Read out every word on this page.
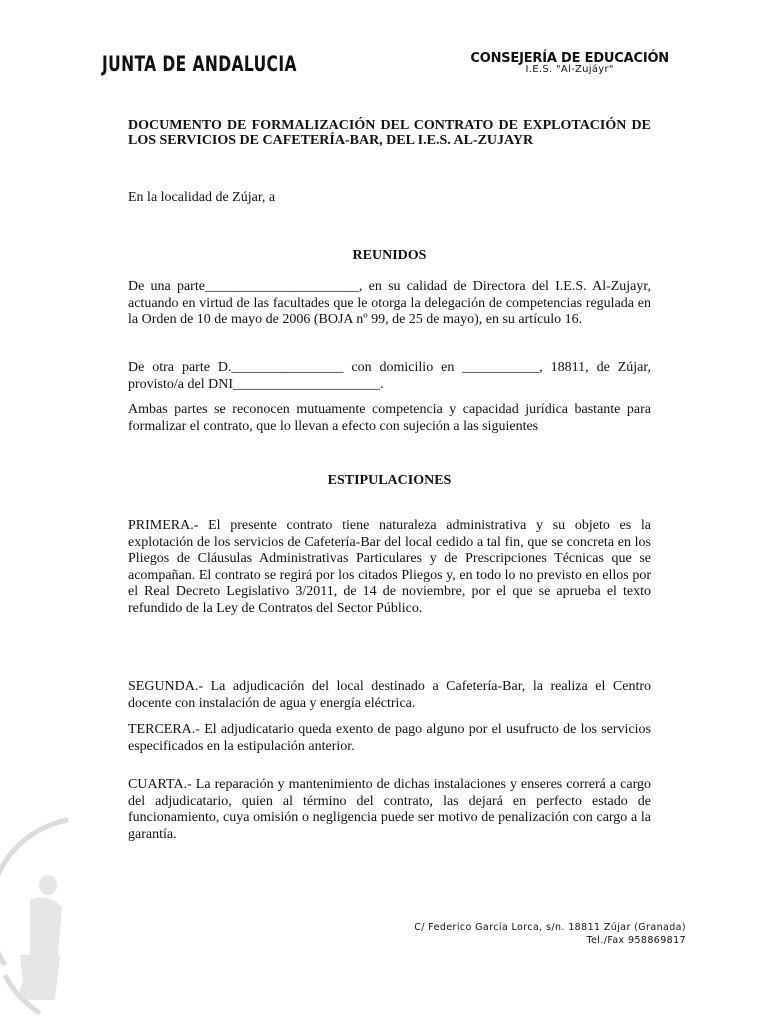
JUNTA DE ANDALUCIA	CONSEJERÍA DE EDUCACIÓN
I.E.S. "Al-Zujáyr"

DOCUMENTO DE FORMALIZACIÓN DEL CONTRATO DE EXPLOTACIÓN DE LOS SERVICIOS DE CAFETERÍA-BAR, DEL I.E.S. AL-ZUJAYR

En la localidad de Zújar, a

REUNIDOS

De una parte______________________, en su calidad de Directora del I.E.S. Al-Zujayr, actuando en virtud de las facultades que le otorga la delegación de competencias regulada en la Orden de 10 de mayo de 2006 (BOJA nº 99, de 25 de mayo), en su artículo 16.

De otra parte D.________________ con domicilio en ___________, 18811, de Zújar, provisto/a del DNI_____________________.

Ambas partes se reconocen mutuamente competencia y capacidad jurídica bastante para formalizar el contrato, que lo llevan a efecto con sujeción a las siguientes

ESTIPULACIONES

PRIMERA.- El presente contrato tiene naturaleza administrativa y su objeto es la explotación de los servicios de Cafetería-Bar del local cedido a tal fin, que se concreta en los Pliegos de Cláusulas Administrativas Particulares y de Prescripciones Técnicas que se acompañan. El contrato se regirá por los citados Pliegos y, en todo lo no previsto en ellos por el Real Decreto Legislativo 3/2011, de 14 de noviembre, por el que se aprueba el texto refundido de la Ley de Contratos del Sector Público.

SEGUNDA.- La adjudicación del local destinado a Cafetería-Bar, la realiza el Centro docente con instalación de agua y energía eléctrica.

TERCERA.- El adjudicatario queda exento de pago alguno por el usufructo de los servicios especificados en la estipulación anterior.

CUARTA.- La reparación y mantenimiento de dichas instalaciones y enseres correrá a cargo del adjudicatario, quien al término del contrato, las dejará en perfecto estado de funcionamiento, cuya omisión o negligencia puede ser motivo de penalización con cargo a la garantía.

C/ Federico García Lorca, s/n. 18811 Zújar (Granada)
Tel./Fax 958869817
